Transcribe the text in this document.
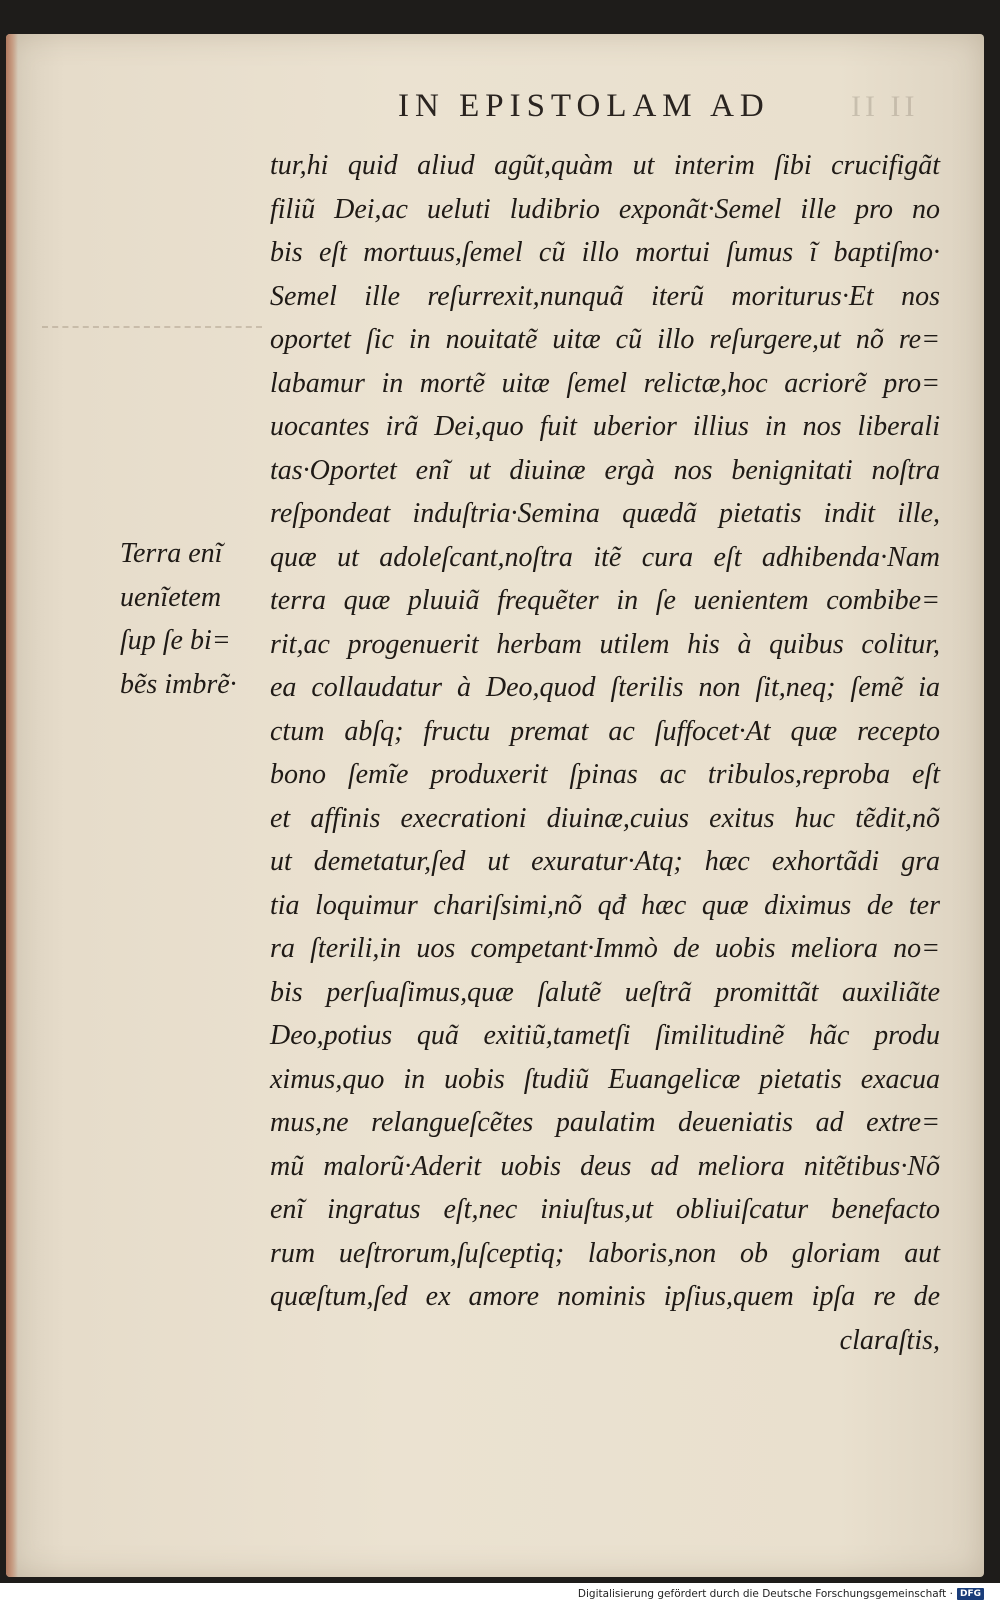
IN EPISTOLAM AD	II II
Terra enĩ
uenĩetem
ſup ſe bi=
bẽs imbrẽ·
tur,hi quid aliud agũt,quàm ut interim ſibi crucifigãt
filiũ Dei,ac ueluti ludibrio exponãt·Semel ille pro no
bis eſt mortuus,ſemel cũ illo mortui ſumus ĩ baptiſmo·
Semel ille reſurrexit,nunquã iterũ moriturus·Et nos
oportet ſic in nouitatẽ uitæ cũ illo reſurgere,ut nõ re=
labamur in mortẽ uitæ ſemel relictæ,hoc acriorẽ pro=
uocantes irã Dei,quo fuit uberior illius in nos liberali
tas·Oportet enĩ ut diuinæ ergà nos benignitati noſtra
reſpondeat induſtria·Semina quædã pietatis indit ille,
quæ ut adoleſcant,noſtra itẽ cura eſt adhibenda·Nam
terra quæ pluuiã frequẽter in ſe uenientem combibe=
rit,ac progenuerit herbam utilem his à quibus colitur,
ea collaudatur à Deo,quod ſterilis non ſit,neq; ſemẽ ia
ctum abſq; fructu premat ac ſuffocet·At quæ recepto
bono ſemĩe produxerit ſpinas ac tribulos,reproba eſt
et affinis execrationi diuinæ,cuius exitus huc tẽdit,nõ
ut demetatur,ſed ut exuratur·Atq; hæc exhortãdi gra
tia loquimur chariſsimi,nõ qđ hæc quæ diximus de ter
ra ſterili,in uos competant·Immò de uobis meliora no=
bis perſuaſimus,quæ ſalutẽ ueſtrã promittãt auxiliãte
Deo,potius quã exitiũ,tametſi ſimilitudinẽ hãc produ
ximus,quo in uobis ſtudiũ Euangelicæ pietatis exacua
mus,ne relangueſcẽtes paulatim deueniatis ad extre=
mũ malorũ·Aderit uobis deus ad meliora nitẽtibus·Nõ
enĩ ingratus eſt,nec iniuſtus,ut obliuiſcatur benefacto
rum ueſtrorum,ſuſceptiq; laboris,non ob gloriam aut
quæſtum,ſed ex amore nominis ipſius,quem ipſa re de
claraſtis,
Digitalisierung gefördert durch die Deutsche Forschungsgemeinschaft · DFG
